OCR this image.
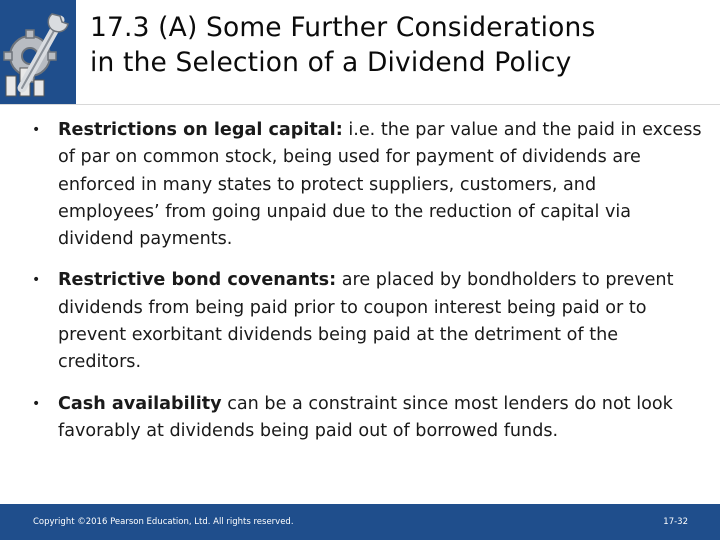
17.3 (A) Some Further Considerations
in the Selection of a Dividend Policy
• Restrictions on legal capital: i.e. the par value and the paid in excess of par on common stock, being used for payment of dividends are enforced in many states to protect suppliers, customers, and employees’ from going unpaid due to the reduction of capital via dividend payments.
• Restrictive bond covenants: are placed by bondholders to prevent dividends from being paid prior to coupon interest being paid or to prevent exorbitant dividends being paid at the detriment of the creditors.
• Cash availability can be a constraint since most lenders do not look favorably at dividends being paid out of borrowed funds.
Copyright ©2016 Pearson Education, Ltd. All rights reserved.	17-32
